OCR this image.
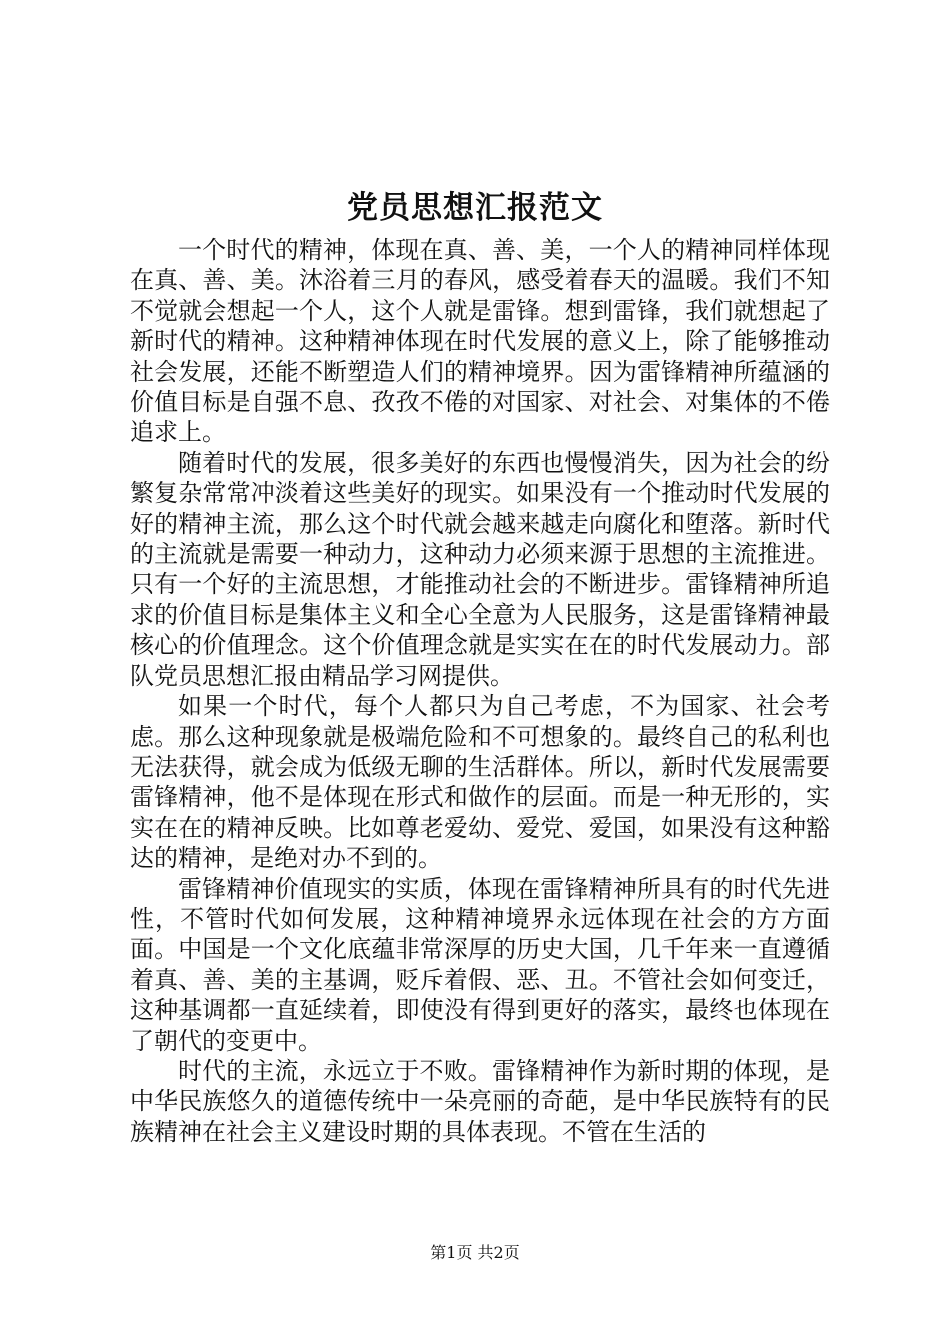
党员思想汇报范文

一个时代的精神，体现在真、善、美，一个人的精神同样体现在真、善、美。沐浴着三月的春风，感受着春天的温暖。我们不知不觉就会想起一个人，这个人就是雷锋。想到雷锋，我们就想起了新时代的精神。这种精神体现在时代发展的意义上，除了能够推动社会发展，还能不断塑造人们的精神境界。因为雷锋精神所蕴涵的价值目标是自强不息、孜孜不倦的对国家、对社会、对集体的不倦追求上。

随着时代的发展，很多美好的东西也慢慢消失，因为社会的纷繁复杂常常冲淡着这些美好的现实。如果没有一个推动时代发展的好的精神主流，那么这个时代就会越来越走向腐化和堕落。新时代的主流就是需要一种动力，这种动力必须来源于思想的主流推进。只有一个好的主流思想，才能推动社会的不断进步。雷锋精神所追求的价值目标是集体主义和全心全意为人民服务，这是雷锋精神最核心的价值理念。这个价值理念就是实实在在的时代发展动力。部队党员思想汇报由精品学习网提供。

如果一个时代，每个人都只为自己考虑，不为国家、社会考虑。那么这种现象就是极端危险和不可想象的。最终自己的私利也无法获得，就会成为低级无聊的生活群体。所以，新时代发展需要雷锋精神，他不是体现在形式和做作的层面。而是一种无形的，实实在在的精神反映。比如尊老爱幼、爱党、爱国，如果没有这种豁达的精神，是绝对办不到的。

雷锋精神价值现实的实质，体现在雷锋精神所具有的时代先进性，不管时代如何发展，这种精神境界永远体现在社会的方方面面。中国是一个文化底蕴非常深厚的历史大国，几千年来一直遵循着真、善、美的主基调，贬斥着假、恶、丑。不管社会如何变迁，这种基调都一直延续着，即使没有得到更好的落实，最终也体现在了朝代的变更中。

时代的主流，永远立于不败。雷锋精神作为新时期的体现，是中华民族悠久的道德传统中一朵亮丽的奇葩，是中华民族特有的民族精神在社会主义建设时期的具体表现。不管在生活的

第1页 共2页
